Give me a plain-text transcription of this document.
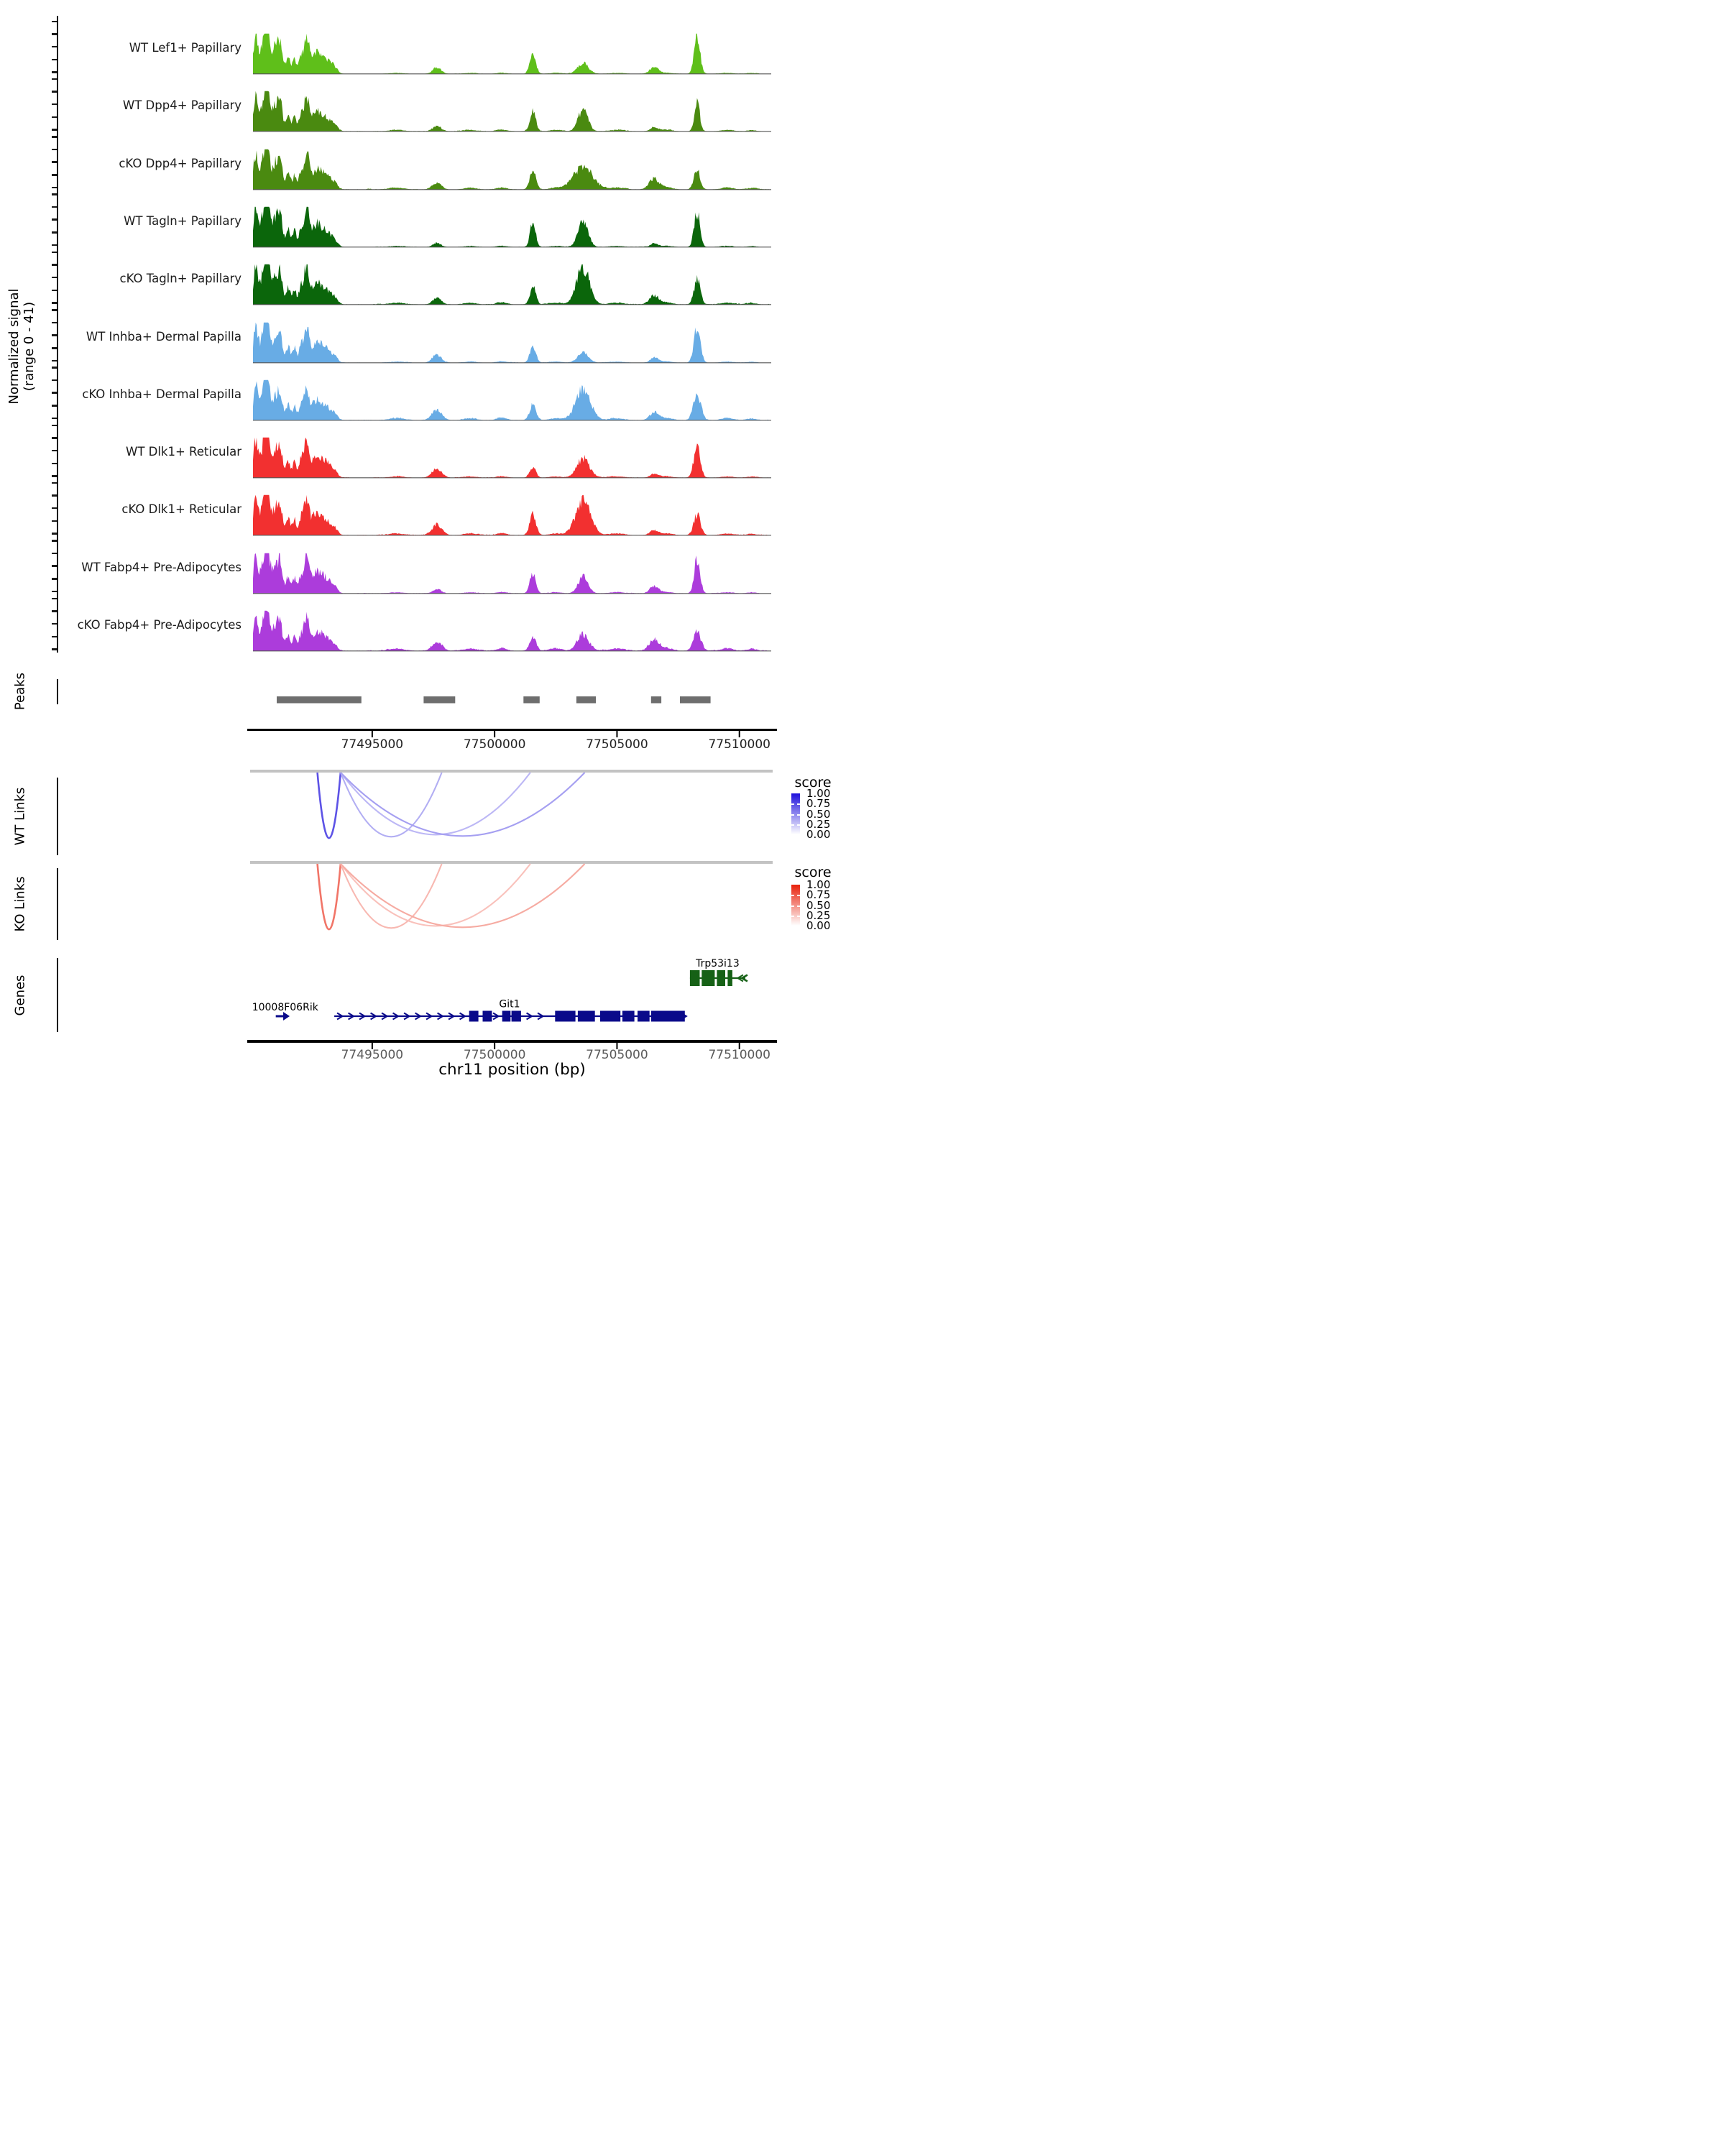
Normalized signal (range 0 - 41)
Peaks
WT Links
KO Links
Genes
score
1.00
0.75
0.50
0.25
0.00
score
1.00
0.75
0.50
0.25
0.00
chr11 position (bp)
WT Lef1+ Papillary
WT Dpp4+ Papillary
cKO Dpp4+ Papillary
WT Tagln+ Papillary
cKO Tagln+ Papillary
WT Inhba+ Dermal Papilla
cKO Inhba+ Dermal Papilla
WT Dlk1+ Reticular
cKO Dlk1+ Reticular
WT Fabp4+ Pre-Adipocytes
cKO Fabp4+ Pre-Adipocytes
77495000	77500000	77505000	77510000
77495000	77500000	77505000	77510000
10008F06Rik	Git1
Trp53i13
